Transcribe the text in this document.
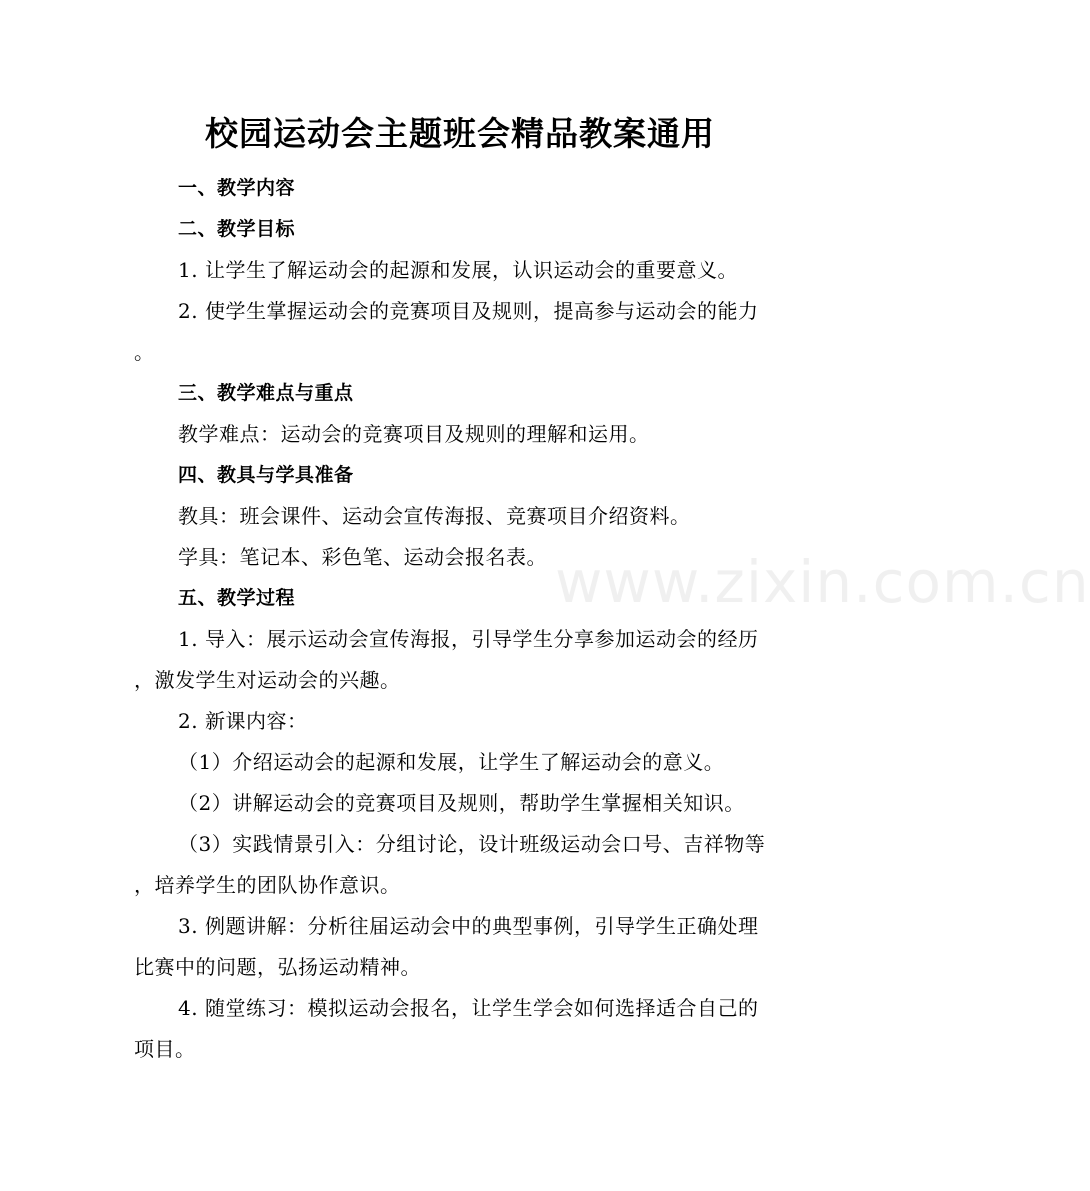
校园运动会主题班会精品教案通用
www.zixin.com.cn
一、教学内容
二、教学目标
1. 让学生了解运动会的起源和发展，认识运动会的重要意义。
2. 使学生掌握运动会的竞赛项目及规则，提高参与运动会的能力
。
三、教学难点与重点
教学难点：运动会的竞赛项目及规则的理解和运用。
四、教具与学具准备
教具：班会课件、运动会宣传海报、竞赛项目介绍资料。
学具：笔记本、彩色笔、运动会报名表。
五、教学过程
1. 导入：展示运动会宣传海报，引导学生分享参加运动会的经历
，激发学生对运动会的兴趣。
2. 新课内容：
（1）介绍运动会的起源和发展，让学生了解运动会的意义。
（2）讲解运动会的竞赛项目及规则，帮助学生掌握相关知识。
（3）实践情景引入：分组讨论，设计班级运动会口号、吉祥物等
，培养学生的团队协作意识。
3. 例题讲解：分析往届运动会中的典型事例，引导学生正确处理
比赛中的问题，弘扬运动精神。
4. 随堂练习：模拟运动会报名，让学生学会如何选择适合自己的
项目。
